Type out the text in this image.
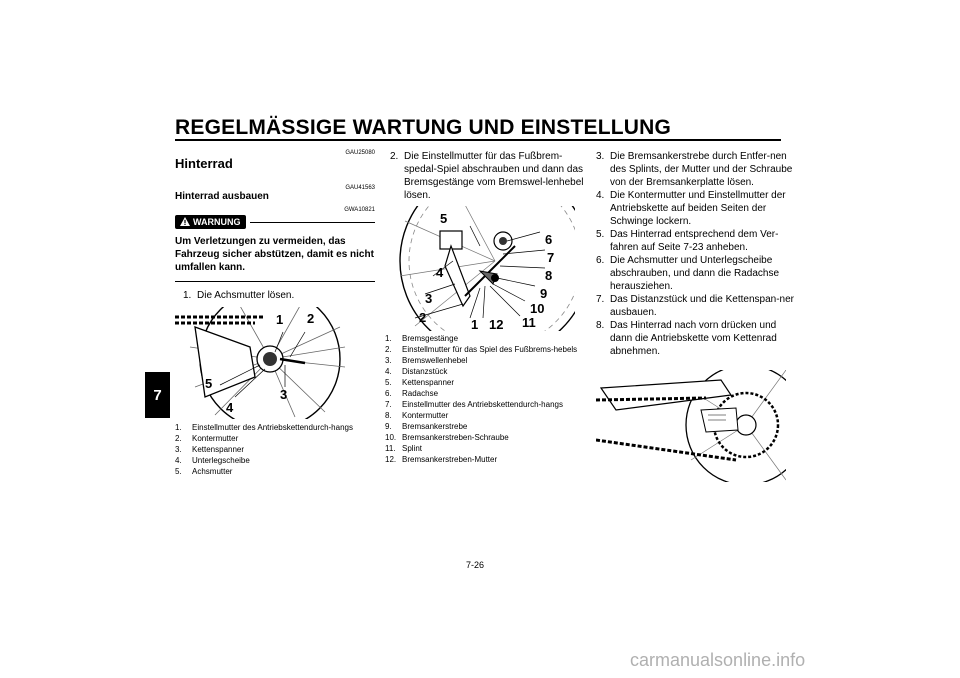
REGELMÄSSIGE WARTUNG UND EINSTELLUNG
7
GAU25080
Hinterrad
GAU41563
Hinterrad ausbauen
GWA10821
WARNUNG
Um Verletzungen zu vermeiden, das Fahrzeug sicher abstützen, damit es nicht umfallen kann.
1. Die Achsmutter lösen.
1 2
3
4
5
1.	Einstellmutter des Antriebskettendurch-hangs
2.	Kontermutter
3.	Kettenspanner
4.	Unterlegscheibe
5.	Achsmutter
2. Die Einstellmutter für das Fußbrem-spedal-Spiel abschrauben und dann das Bremsgestänge vom Bremswel-lenhebel lösen.
5
6
7
4	8
3	9
10
2	1 12 11
1.	Bremsgestänge
2.	Einstellmutter für das Spiel des Fußbrems-hebels
3.	Bremswellenhebel
4.	Distanzstück
5.	Kettenspanner
6.	Radachse
7.	Einstellmutter des Antriebskettendurch-hangs
8.	Kontermutter
9.	Bremsankerstrebe
10. Bremsankerstreben-Schraube
11. Splint
12. Bremsankerstreben-Mutter
3. Die Bremsankerstrebe durch Entfer-nen des Splints, der Mutter und der Schraube von der Bremsankerplatte lösen.
4. Die Kontermutter und Einstellmutter der Antriebskette auf beiden Seiten der Schwinge lockern.
5. Das Hinterrad entsprechend dem Ver-fahren auf Seite 7-23 anheben.
6. Die Achsmutter und Unterlegscheibe abschrauben, und dann die Radachse herausziehen.
7. Das Distanzstück und die Kettenspan-ner ausbauen.
8. Das Hinterrad nach vorn drücken und dann die Antriebskette vom Kettenrad abnehmen.
7-26
carmanualsonline.info
